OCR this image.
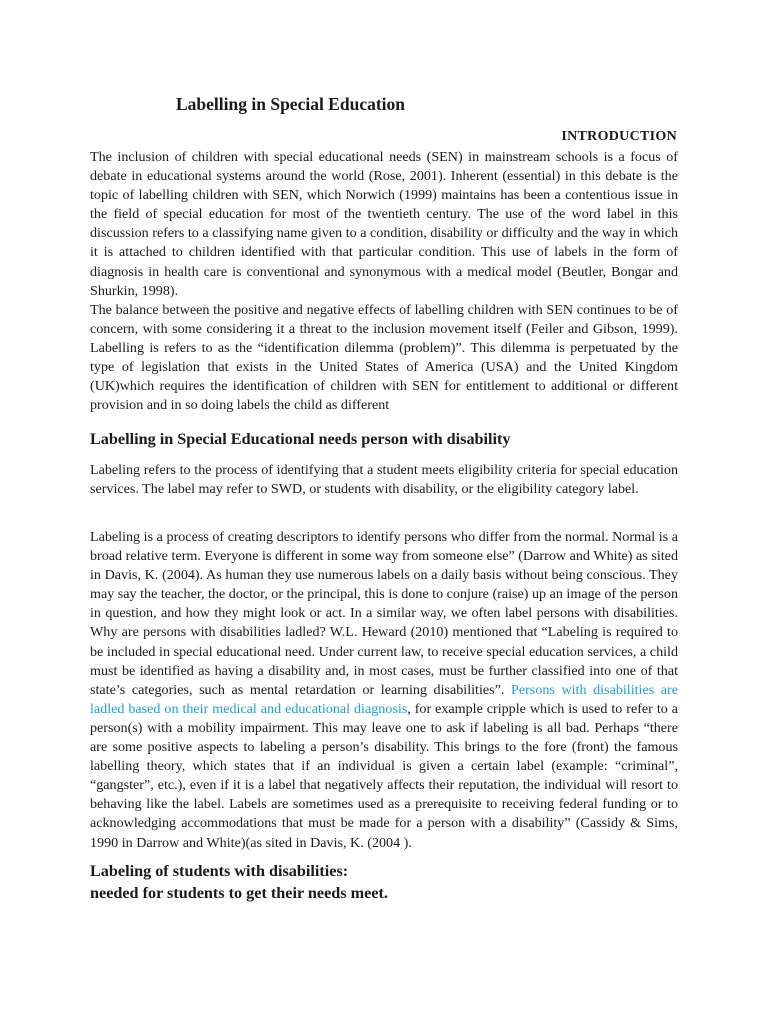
Labelling in Special Education
INTRODUCTION

The inclusion of children with special educational needs (SEN) in mainstream schools is a focus of debate in educational systems around the world (Rose, 2001). Inherent (essential) in this debate is the topic of labelling children with SEN, which Norwich (1999) maintains has been a contentious issue in the field of special education for most of the twentieth century. The use of the word label in this discussion refers to a classifying name given to a condition, disability or difficulty and the way in which it is attached to children identified with that particular condition. This use of labels in the form of diagnosis in health care is conventional and synonymous with a medical model (Beutler, Bongar and Shurkin, 1998).

The balance between the positive and negative effects of labelling children with SEN continues to be of concern, with some considering it a threat to the inclusion movement itself (Feiler and Gibson, 1999). Labelling is refers to as the “identification dilemma (problem)”. This dilemma is perpetuated by the type of legislation that exists in the United States of America (USA) and the United Kingdom (UK)which requires the identification of children with SEN for entitlement to additional or different provision and in so doing labels the child as different

Labelling in Special Educational needs person with disability

Labeling refers to the process of identifying that a student meets eligibility criteria for special education services. The label may refer to SWD, or students with disability, or the eligibility category label.

Labeling is a process of creating descriptors to identify persons who differ from the normal. Normal is a broad relative term. Everyone is different in some way from someone else” (Darrow and White) as sited in Davis, K. (2004). As human they use numerous labels on a daily basis without being conscious. They may say the teacher, the doctor, or the principal, this is done to conjure (raise) up an image of the person in question, and how they might look or act. In a similar way, we often label persons with disabilities. Why are persons with disabilities ladled? W.L. Heward (2010) mentioned that “Labeling is required to be included in special educational need. Under current law, to receive special education services, a child must be identified as having a disability and, in most cases, must be further classified into one of that state’s categories, such as mental retardation or learning disabilities”. Persons with disabilities are ladled based on their medical and educational diagnosis, for example cripple which is used to refer to a person(s) with a mobility impairment. This may leave one to ask if labeling is all bad. Perhaps “there are some positive aspects to labeling a person’s disability. This brings to the fore (front) the famous labelling theory, which states that if an individual is given a certain label (example: “criminal”, “gangster”, etc.), even if it is a label that negatively affects their reputation, the individual will resort to behaving like the label. Labels are sometimes used as a prerequisite to receiving federal funding or to acknowledging accommodations that must be made for a person with a disability” (Cassidy & Sims, 1990 in Darrow and White)(as sited in Davis, K. (2004 ).

Labeling of students with disabilities:
needed for students to get their needs meet.
